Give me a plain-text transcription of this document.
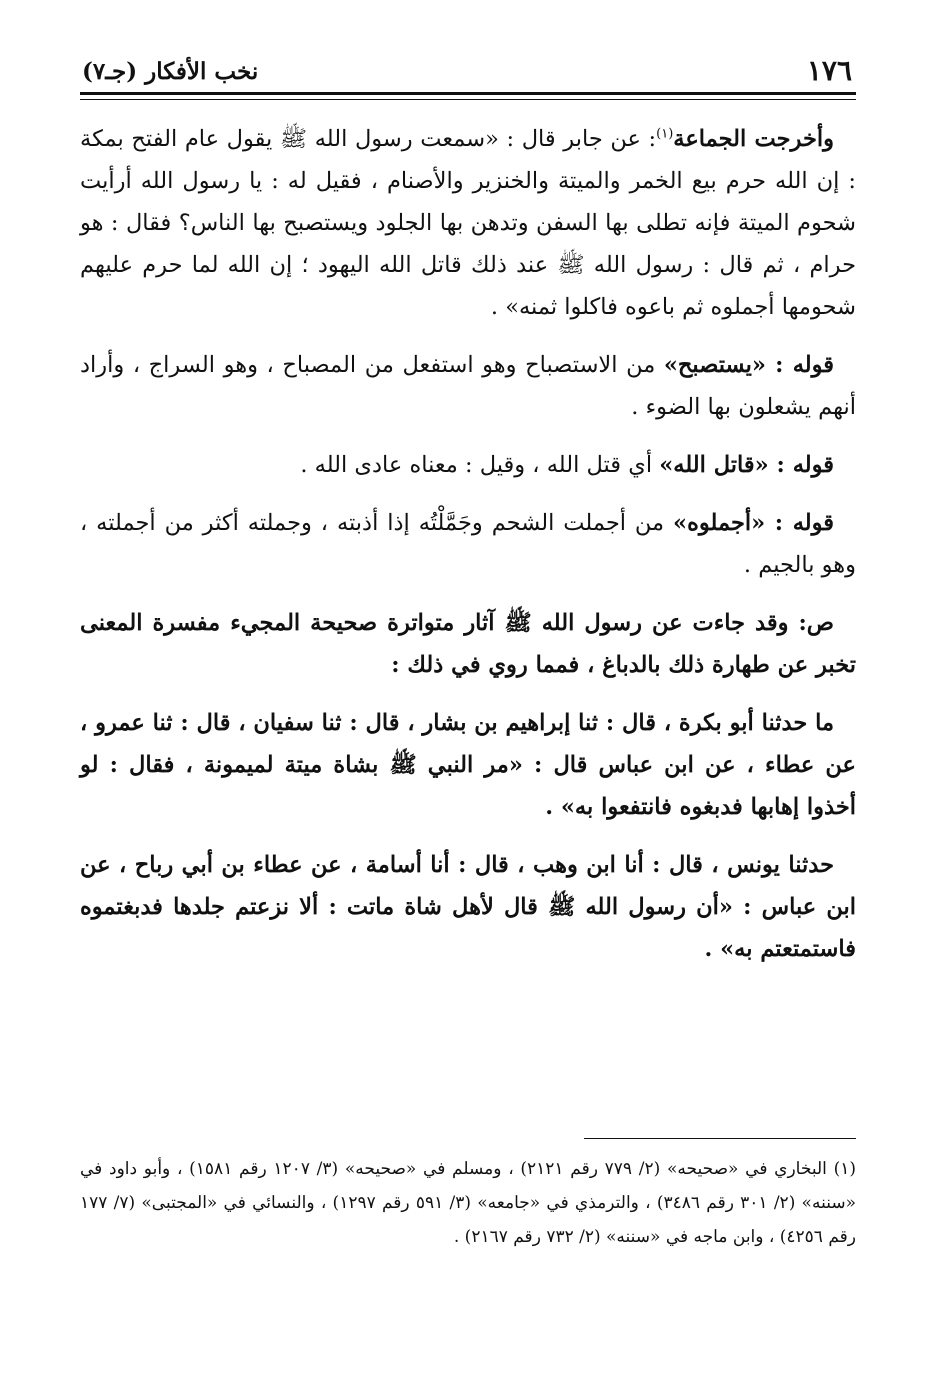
١٧٦
نخب الأفكار (جـ٧)

وأخرجت الجماعة$^{(١)}$: عن جابر قال : «سمعت رسول الله ﷺ يقول عام الفتح بمكة : إن الله حرم بيع الخمر والميتة والخنزير والأصنام ، فقيل له : يا رسول الله أرأيت شحوم الميتة فإنه تطلى بها السفن وتدهن بها الجلود ويستصبح بها الناس؟ فقال : هو حرام ، ثم قال : رسول الله ﷺ عند ذلك قاتل الله اليهود ؛ إن الله لما حرم عليهم شحومها أجملوه ثم باعوه فاكلوا ثمنه» .

قوله : «يستصبح» من الاستصباح وهو استفعل من المصباح ، وهو السراج ، وأراد أنهم يشعلون بها الضوء .

قوله : «قاتل الله» أي قتل الله ، وقيل : معناه عادى الله .

قوله : «أجملوه» من أجملت الشحم وجَمَّلْتُه إذا أذبته ، وجملته أكثر من أجملته ، وهو بالجيم .

ص: وقد جاءت عن رسول الله ﷺ آثار متواترة صحيحة المجيء مفسرة المعنى تخبر عن طهارة ذلك بالدباغ ، فمما روي في ذلك :

ما حدثنا أبو بكرة ، قال : ثنا إبراهيم بن بشار ، قال : ثنا سفيان ، قال : ثنا عمرو ، عن عطاء ، عن ابن عباس قال : «مر النبي ﷺ بشاة ميتة لميمونة ، فقال : لو أخذوا إهابها فدبغوه فانتفعوا به» .

حدثنا يونس ، قال : أنا ابن وهب ، قال : أنا أسامة ، عن عطاء بن أبي رباح ، عن ابن عباس : «أن رسول الله ﷺ قال لأهل شاة ماتت : ألا نزعتم جلدها فدبغتموه فاستمتعتم به» .

(١) البخاري في «صحيحه» (٢/ ٧٧٩ رقم ٢١٢١) ، ومسلم في «صحيحه» (٣/ ١٢٠٧ رقم ١٥٨١) ، وأبو داود في «سننه» (٢/ ٣٠١ رقم ٣٤٨٦) ، والترمذي في «جامعه» (٣/ ٥٩١ رقم ١٢٩٧) ، والنسائي في «المجتبى» (٧/ ١٧٧ رقم ٤٢٥٦) ، وابن ماجه في «سننه» (٢/ ٧٣٢ رقم ٢١٦٧) .
